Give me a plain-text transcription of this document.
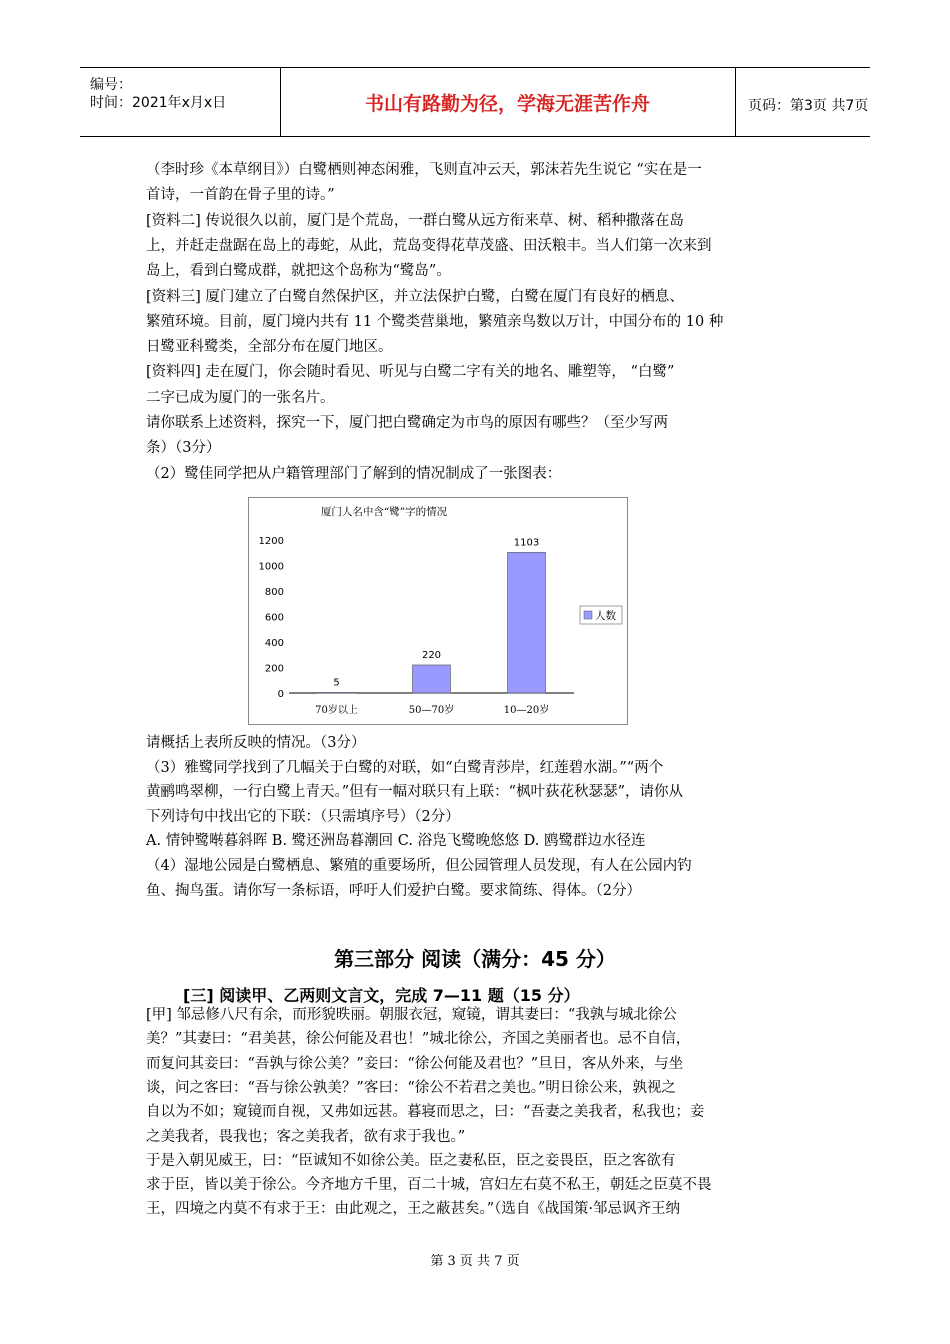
编号：
时间：2021年x月x日	书山有路勤为径，学海无涯苦作舟	页码：第3页 共7页
（李时珍《本草纲目》）白鹭栖则神态闲雅，飞则直冲云天，郭沫若先生说它 “实在是一
首诗，一首韵在骨子里的诗。”
[资料二] 传说很久以前，厦门是个荒岛，一群白鹭从远方衔来草、树、稻种撒落在岛
上，并赶走盘踞在岛上的毒蛇，从此，荒岛变得花草茂盛、田沃粮丰。当人们第一次来到
岛上，看到白鹭成群，就把这个岛称为“鹭岛”。
[资料三] 厦门建立了白鹭自然保护区，并立法保护白鹭，白鹭在厦门有良好的栖息、
繁殖环境。目前，厦门境内共有 11 个鹭类营巢地，繁殖亲鸟数以万计，中国分布的 10 种
日鹭亚科鹭类，全部分布在厦门地区。
[资料四] 走在厦门，你会随时看见、听见与白鹭二字有关的地名、雕塑等， “白鹭”
二字已成为厦门的一张名片。
请你联系上述资料，探究一下，厦门把白鹭确定为市鸟的原因有哪些？（至少写两
条）（3分）
（2）鹭佳同学把从户籍管理部门了解到的情况制成了一张图表：
请概括上表所反映的情况。（3分）
（3）雅鹭同学找到了几幅关于白鹭的对联，如“白鹭青莎岸，红莲碧水湖。”“两个
黄鹂鸣翠柳，一行白鹭上青天。”但有一幅对联只有上联：“枫叶荻花秋瑟瑟”，请你从
下列诗句中找出它的下联：（只需填序号）（2分）
A. 情钟鹭啭暮斜晖 B. 鹭还洲岛暮潮回 C. 浴凫飞鹭晚悠悠 D. 鸥鹭群边水径连
（4）湿地公园是白鹭栖息、繁殖的重要场所，但公园管理人员发现，有人在公园内钓
鱼、掏鸟蛋。请你写一条标语，呼吁人们爱护白鹭。要求简练、得体。（2分）
[甲] 邹忌修八尺有余，而形貌昳丽。朝服衣冠，窥镜，谓其妻曰：“我孰与城北徐公
美？”其妻曰：“君美甚，徐公何能及君也！”城北徐公，齐国之美丽者也。忌不自信，
而复问其妾曰：“吾孰与徐公美？”妾曰：“徐公何能及君也？”旦日，客从外来，与坐
谈，问之客曰：“吾与徐公孰美？”客曰：“徐公不若君之美也。”明日徐公来，孰视之
自以为不如；窥镜而自视，又弗如远甚。暮寝而思之，曰：“吾妻之美我者，私我也；妾
之美我者，畏我也；客之美我者，欲有求于我也。”
于是入朝见威王，曰：“臣诚知不如徐公美。臣之妻私臣，臣之妾畏臣，臣之客欲有
求于臣，皆以美于徐公。今齐地方千里，百二十城，宫妇左右莫不私王，朝廷之臣莫不畏
王，四境之内莫不有求于王：由此观之，王之蔽甚矣。”（选自《战国策·邹忌讽齐王纳
厦门人名中含“鹭”字的情况
0
200
400
600
800
1000
1200
5
70岁以上
220
50—70岁
1103
10—20岁
人数
第三部分 阅读（满分：45 分）
[三] 阅读甲、乙两则文言文，完成 7—11 题（15 分）
第 3 页 共 7 页
